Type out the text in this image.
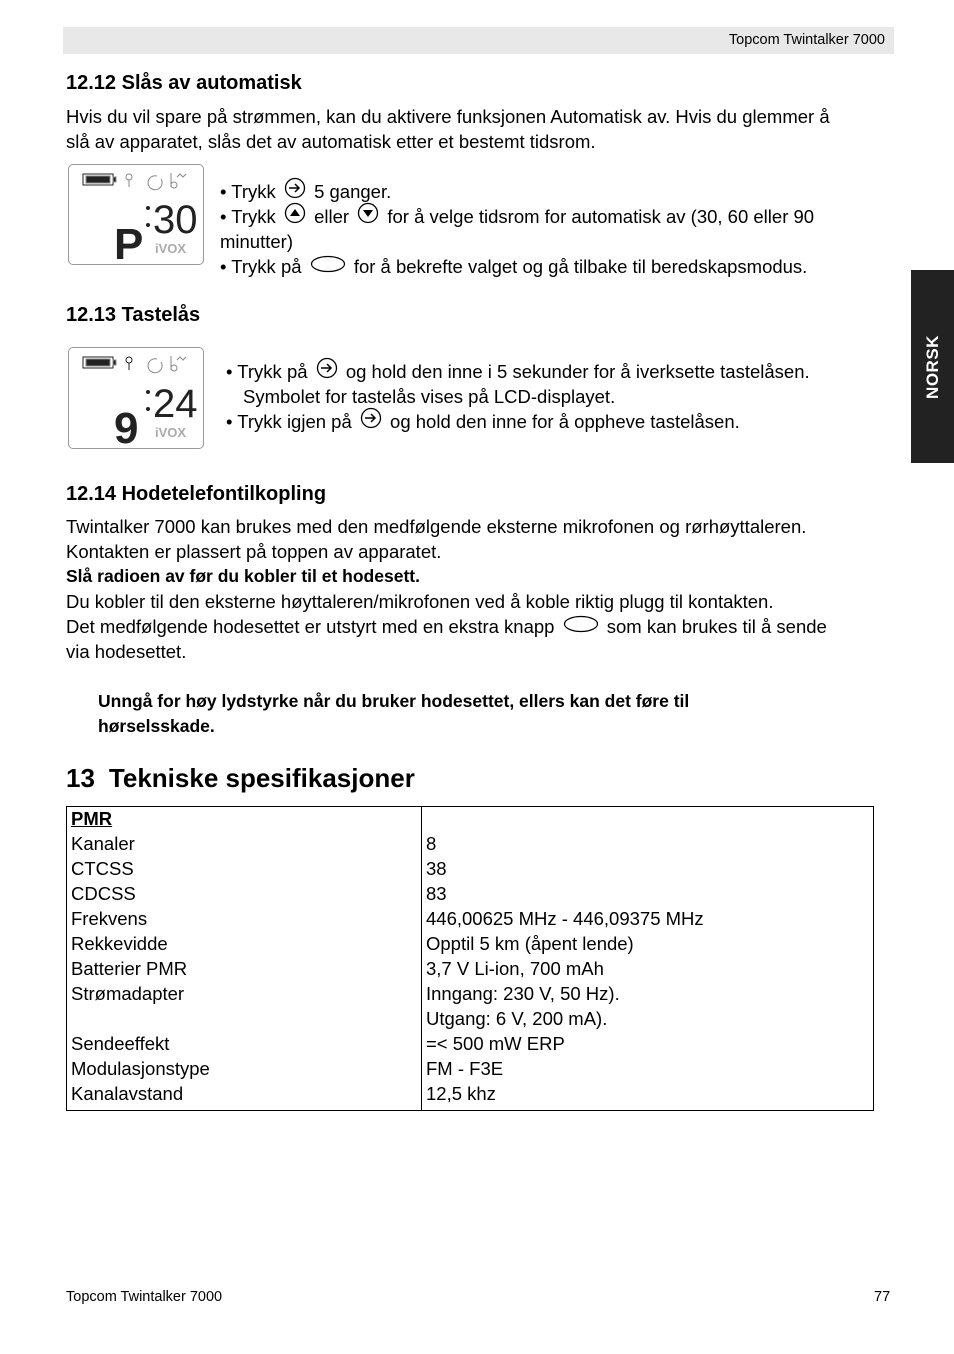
Topcom Twintalker 7000
NORSK
12.12 Slås av automatisk
Hvis du vil spare på strømmen, kan du aktivere funksjonen Automatisk av. Hvis du glemmer å
slå av apparatet, slås det av automatisk etter et bestemt tidsrom.
P 30
iVOX
• Trykk 5 ganger.
• Trykk eller for å velge tidsrom for automatisk av (30, 60 eller 90
minutter)
• Trykk på	for å bekrefte valget og gå tilbake til beredskapsmodus.
12.13 Tastelås
9 24
iVOX
• Trykk på og hold den inne i 5 sekunder for å iverksette tastelåsen.
Symbolet for tastelås vises på LCD-displayet.
• Trykk igjen på og hold den inne for å oppheve tastelåsen.
12.14 Hodetelefontilkopling
Twintalker 7000 kan brukes med den medfølgende eksterne mikrofonen og rørhøyttaleren.
Kontakten er plassert på toppen av apparatet.
Slå radioen av før du kobler til et hodesett.
Du kobler til den eksterne høyttaleren/mikrofonen ved å koble riktig plugg til kontakten.
Det medfølgende hodesettet er utstyrt med en ekstra knapp	som kan brukes til å sende
via hodesettet.
Unngå for høy lydstyrke når du bruker hodesettet, ellers kan det føre til
hørselsskade.
13 Tekniske spesifikasjoner
PMR
Kanaler	8
CTCSS	38
CDCSS	83
Frekvens	446,00625 MHz - 446,09375 MHz
Rekkevidde	Opptil 5 km (åpent lende)
Batterier PMR	3,7 V Li-ion, 700 mAh
Strømadapter	Inngang: 230 V, 50 Hz).
Utgang: 6 V, 200 mA).
Sendeeffekt	=< 500 mW ERP
Modulasjonstype	FM - F3E
Kanalavstand	12,5 khz
Topcom Twintalker 7000	77
